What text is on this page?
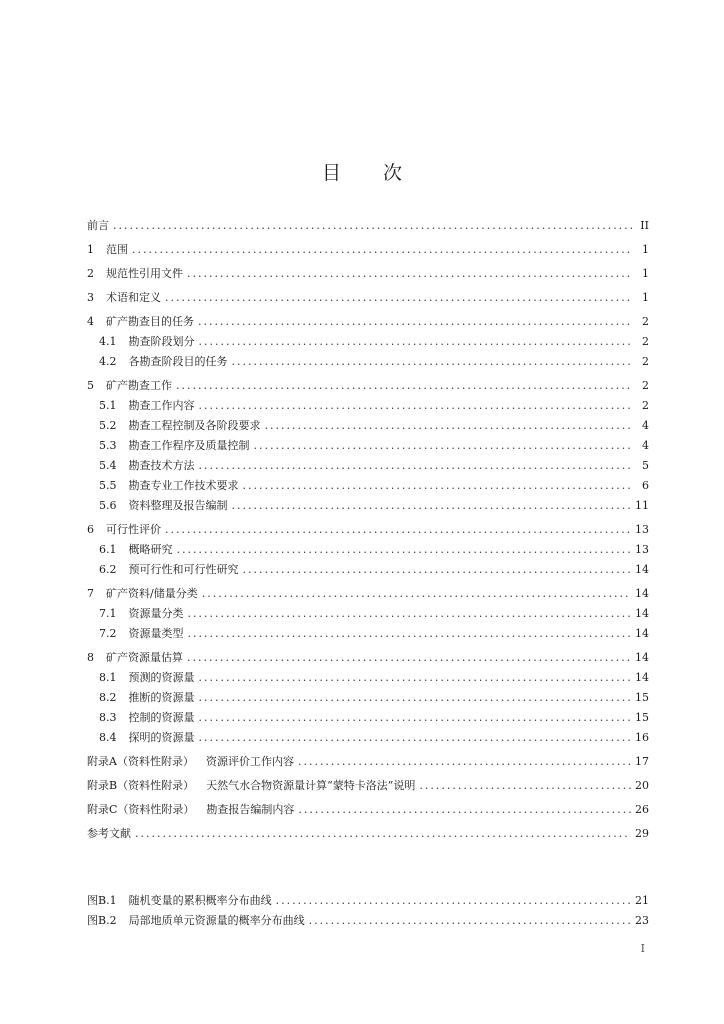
目 次
前言 .....	II
1 范围 .....	1
2 规范性引用文件 .....	1
3 术语和定义 .....	1
4 矿产勘查目的任务 .....	2
4.1 勘查阶段划分 .....	2
4.2 各勘查阶段目的任务 .....	2
5 矿产勘查工作 .....	2
5.1 勘查工作内容 .....	2
5.2 勘查工程控制及各阶段要求 .....	4
5.3 勘查工作程序及质量控制 .....	4
5.4 勘查技术方法 .....	5
5.5 勘查专业工作技术要求 .....	6
5.6 资料整理及报告编制 .....	11
6 可行性评价 .....	13
6.1 概略研究 .....	13
6.2 预可行性和可行性研究 .....	14
7 矿产资料/储量分类 .....	14
7.1 资源量分类 .....	14
7.2 资源量类型 .....	14
8 矿产资源量估算 .....	14
8.1 预测的资源量 .....	14
8.2 推断的资源量 .....	15
8.3 控制的资源量 .....	15
8.4 探明的资源量 .....	16
附录A（资料性附录） 资源评价工作内容 .....	17
附录B（资料性附录） 天然气水合物资源量计算“蒙特卡洛法”说明 .....	20
附录C（资料性附录） 勘查报告编制内容 .....	26
参考文献 .....	29
图B.1 随机变量的累积概率分布曲线 .....	21
图B.2 局部地质单元资源量的概率分布曲线 .....	23
I
